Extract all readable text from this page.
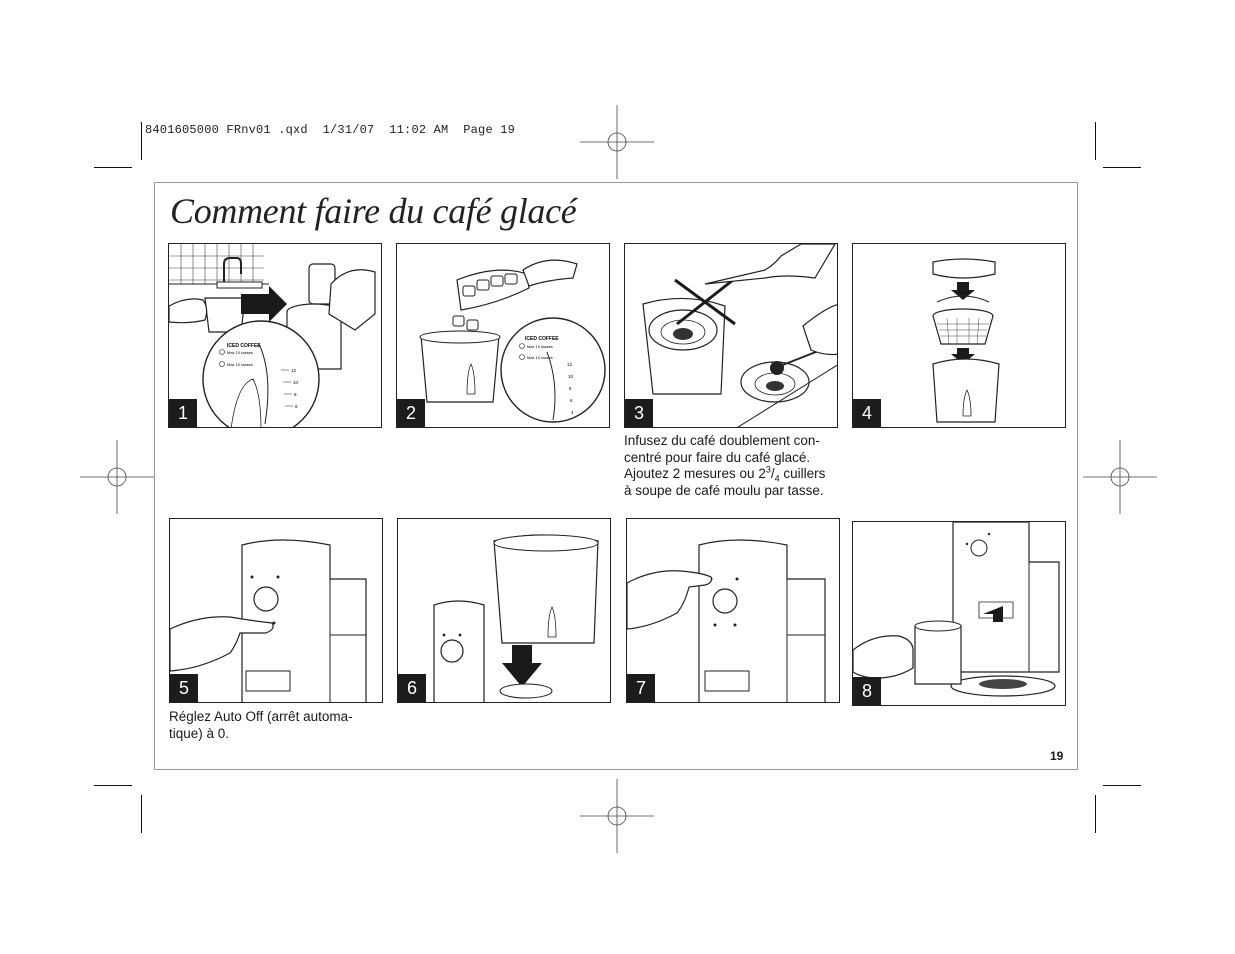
8401605000 FRnv01 .qxd  1/31/07  11:02 AM  Page 19
Comment faire du café glacé
ICED COFFEE
Max 10 tasses
Max 10 tasses
12
10
8
6
1
ICED COFFEE
Max 10 tasses
Max 10 tasses
12
10
8
6
4
2	3	4
Infusez du café doublement con-
centré pour faire du café glacé.
Ajoutez 2 mesures ou $2^3/_4$ cuillers
à soupe de café moulu par tasse.
5	6	7	8
Réglez Auto Off (arrêt automa-
tique) à 0.
19
